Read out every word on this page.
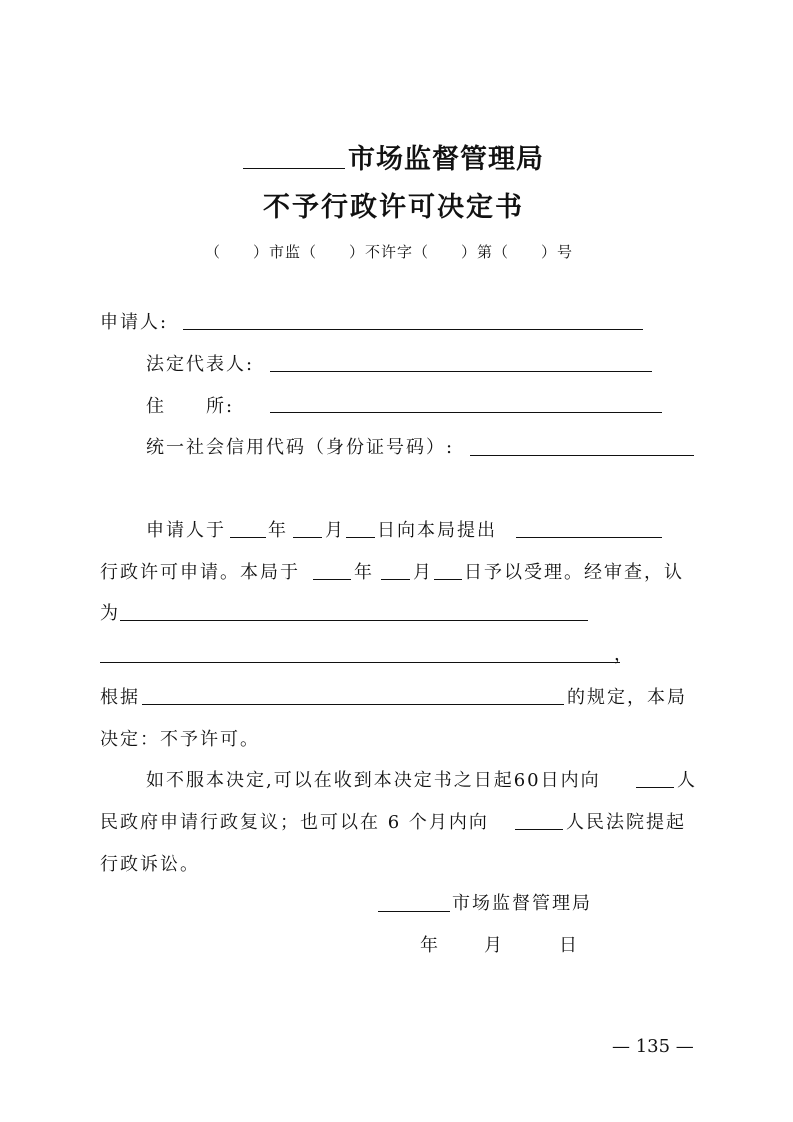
市场监督管理局
不予行政许可决定书
（　　）市监（　　）不许字（　　）第（　　）号
申请人:
法定代表人:
住　　所:
统一社会信用代码（身份证号码）:
申请人于 年 月 日向本局提出
行政许可申请。本局于	年 月 日予以受理。经审查，认
为
，
根据	的规定，本局
决定：不予许可。
如不服本决定,可以在收到本决定书之日起60日内向	人
民政府申请行政复议；也可以在 6 个月内向	人民法院提起
行政诉讼。
市场监督管理局
年 月	日
— 135 —
